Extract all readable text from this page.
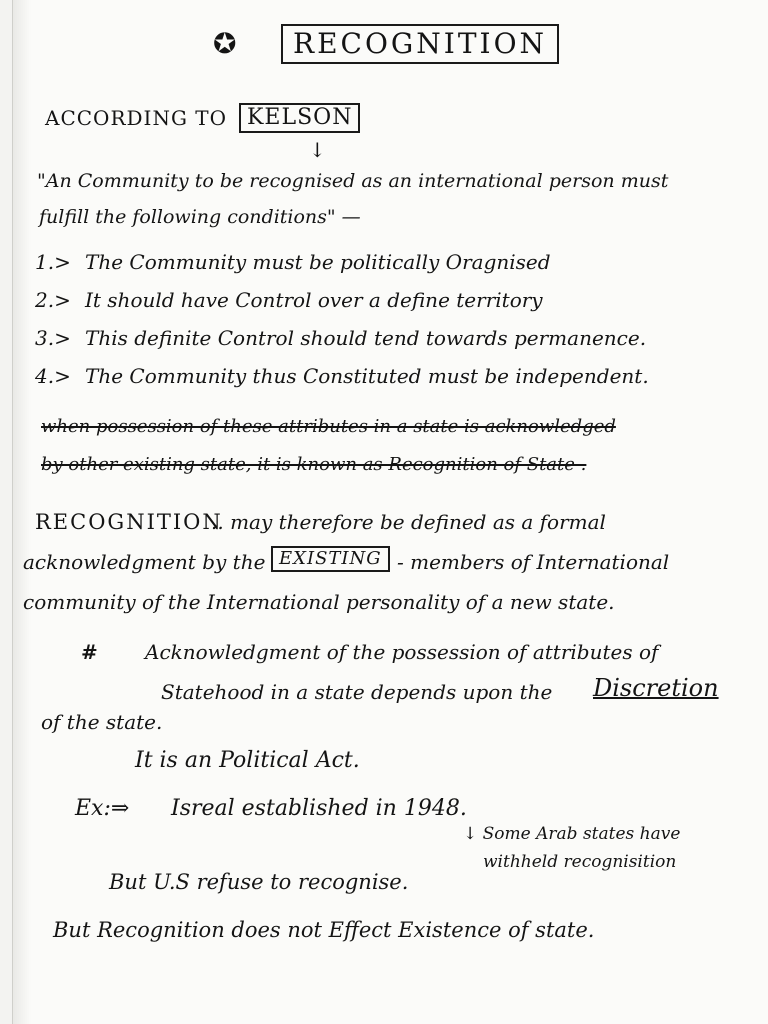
✪	RECOGNITION
ACCORDING TO KELSON
↓
"An Community to be recognised as an international person must
fulfill the following conditions" —
1.> The Community must be politically Oragnised
2.> It should have Control over a define territory
3.> This definite Control should tend towards permanence.
4.> The Community thus Constituted must be independent.
when possession of these attributes in a state is acknowledged
by other existing state, it is known as Recognition of State .
RECOGNITION
.. may therefore be defined as a formal
acknowledgment by the EXISTING - members of International
community of the International personality of a new state.
# Acknowledgment of the possession of attributes of
Statehood in a state depends upon the Discretion
of the state.
It is an Political Act.
Ex:⇒ Isreal established in 1948.
↓ Some Arab states have
withheld recognisition
But U.S refuse to recognise.
But Recognition does not Effect Existence of state.
